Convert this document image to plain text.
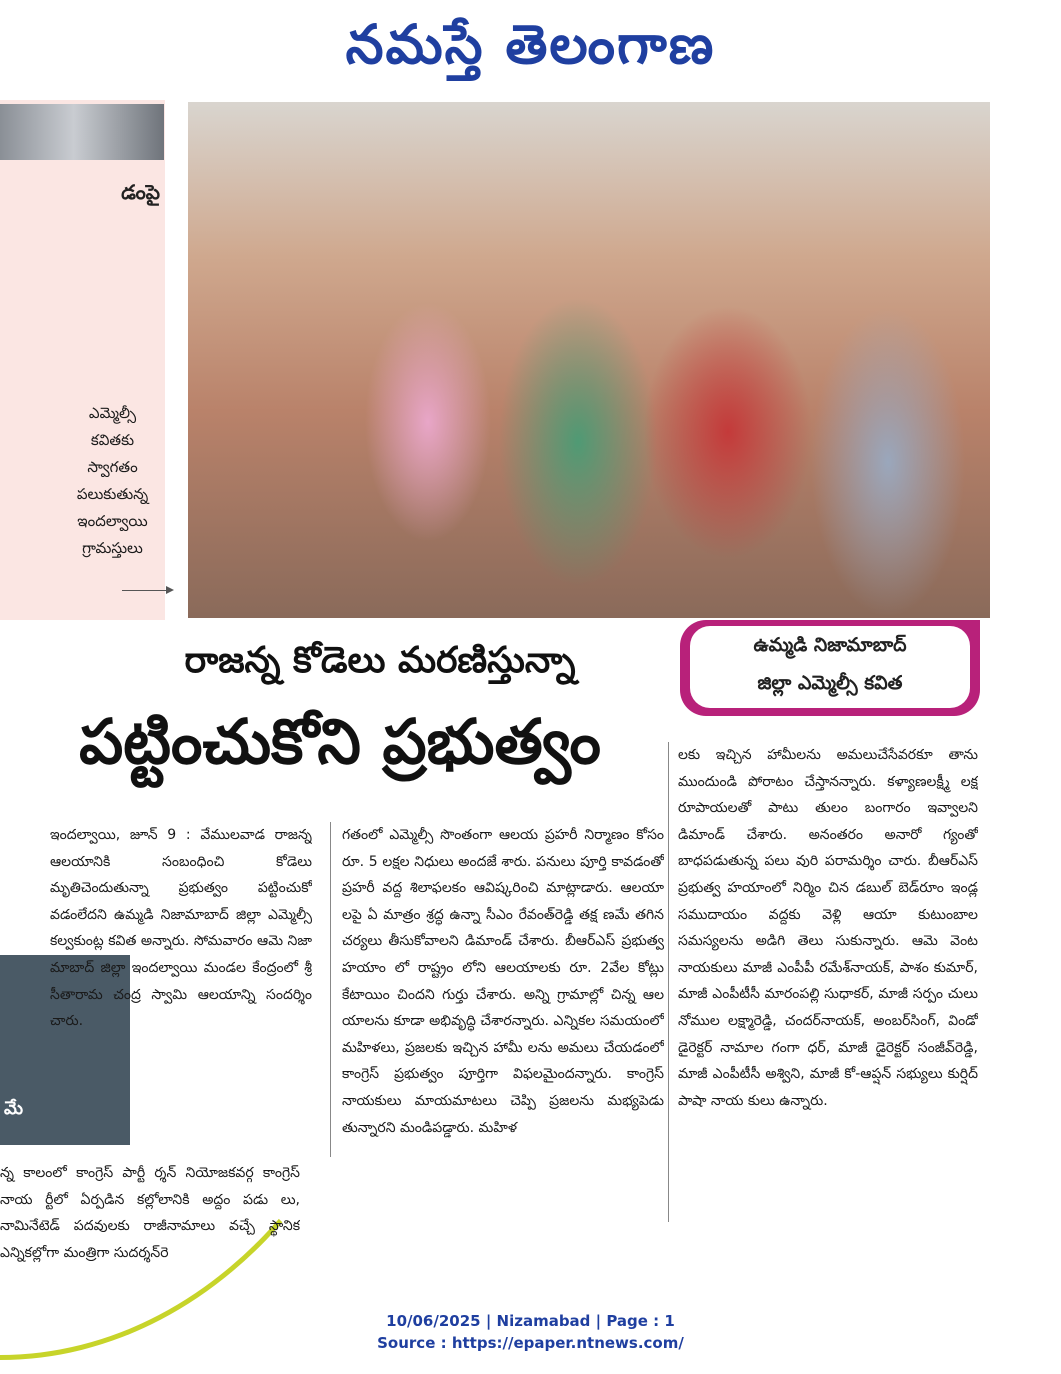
నమస్తే తెలంగాణ
డంపై
మే
న్న కాలంలో కాంగ్రెస్ పార్టీ ర్శన్ నియోజకవర్గ కాంగ్రెస్ నాయ ర్టీలో ఏర్పడిన కల్లోలానికి అద్దం పడు లు, నామినేటెడ్ పదవులకు రాజీనామాలు వచ్చే స్థానిక ఎన్నికల్లోగా మంత్రిగా సుదర్శన్‌రె
ఎమ్మెల్సీ
కవితకు
స్వాగతం
పలుకుతున్న
ఇందల్వాయి
గ్రామస్తులు
ఉమ్మడి నిజామాబాద్
జిల్లా ఎమ్మెల్సీ కవిత
రాజన్న కోడెలు మరణిస్తున్నా
పట్టించుకోని ప్రభుత్వం
ఇందల్వాయి, జూన్ 9 : వేములవాడ రాజన్న ఆలయానికి సంబంధించి కోడెలు మృతిచెందుతున్నా ప్రభుత్వం పట్టించుకో వడంలేదని ఉమ్మడి నిజామాబాద్ జిల్లా ఎమ్మెల్సీ కల్వకుంట్ల కవిత అన్నారు. సోమవారం ఆమె నిజా మాబాద్ జిల్లా ఇందల్వాయి మండల కేంద్రంలో శ్రీ సీతారామ చంద్ర స్వామి ఆలయాన్ని సందర్శిం చారు.
గతంలో ఎమ్మెల్సీ సొంతంగా ఆలయ ప్రహరీ నిర్మాణం కోసం రూ. 5 లక్షల నిధులు అందజే శారు. పనులు పూర్తి కావడంతో ప్రహరీ వద్ద శిలాఫలకం ఆవిష్కరించి మాట్లాడారు. ఆలయా లపై ఏ మాత్రం శ్రద్ధ ఉన్నా సీఎం రేవంత్‌రెడ్డి తక్ష ణమే తగిన చర్యలు తీసుకోవాలని డిమాండ్ చేశారు. బీఆర్‌ఎస్ ప్రభుత్వ హయాం లో రాష్ట్రం లోని ఆలయాలకు రూ. 2వేల కోట్లు కేటాయిం చిందని గుర్తు చేశారు. అన్ని గ్రామాల్లో చిన్న ఆల యాలను కూడా అభివృద్ధి చేశారన్నారు. ఎన్నికల సమయంలో మహిళలు, ప్రజలకు ఇచ్చిన హామీ లను అమలు చేయడంలో కాంగ్రెస్ ప్రభుత్వం పూర్తిగా విఫలమైందన్నారు. కాంగ్రెస్ నాయకులు మాయమాటలు చెప్పి ప్రజలను మభ్యపెడు తున్నారని మండిపడ్డారు. మహిళ
లకు ఇచ్చిన హామీలను అమలుచేసేవరకూ తాను ముందుండి పోరాటం చేస్తానన్నారు. కళ్యాణలక్ష్మీ లక్ష రూపాయలతో పాటు తులం బంగారం ఇవ్వాలని డిమాండ్ చేశారు. అనంతరం అనారో గ్యంతో బాధపడుతున్న పలు వురి పరామర్శిం చారు. బీఆర్‌ఎస్ ప్రభుత్వ హయాంలో నిర్మిం చిన డబుల్ బెడ్‌రూం ఇండ్ల సముదాయం వద్దకు వెళ్లి ఆయా కుటుంబాల సమస్యలను అడిగి తెలు సుకున్నారు. ఆమె వెంట నాయకులు మాజీ ఎంపీపీ రమేశ్‌నాయక్, పాశం కుమార్, మాజీ ఎంపీటీసీ మారంపల్లి సుధాకర్, మాజీ సర్పం చులు నోముల లక్ష్మారెడ్డి, చందర్‌నాయక్, అంబర్‌సింగ్, విండో డైరెక్టర్ నామాల గంగా ధర్, మాజీ డైరెక్టర్ సంజీవ్‌రెడ్డి, మాజీ ఎంపీటీసీ అశ్విని, మాజీ కో-ఆప్షన్ సభ్యులు కుర్షిద్ పాషా నాయ కులు ఉన్నారు.
10/06/2025 | Nizamabad | Page : 1
Source : https://epaper.ntnews.com/
